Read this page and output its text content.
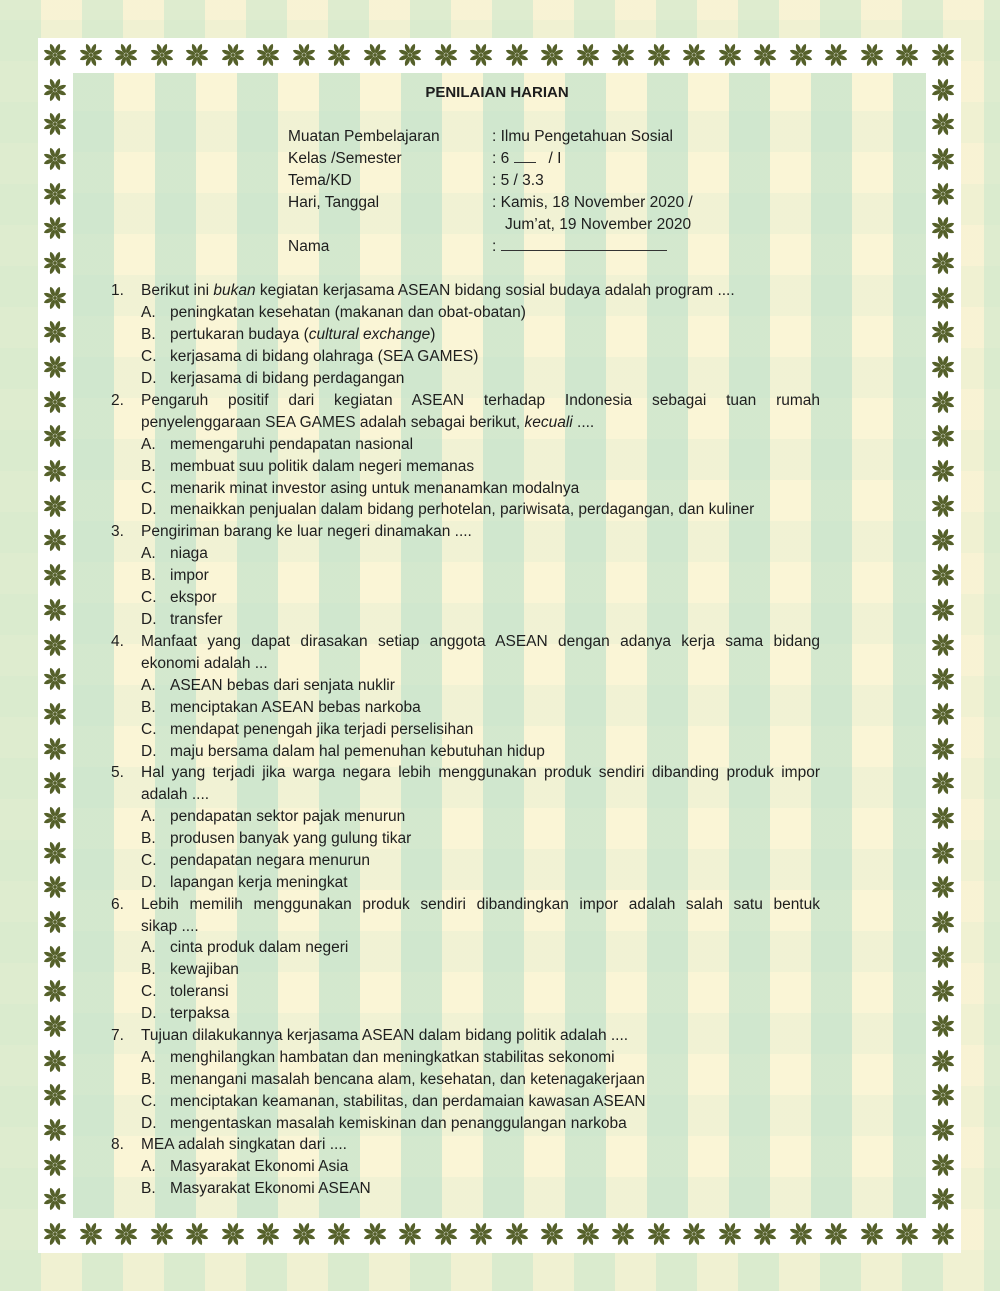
PENILAIAN HARIAN
Muatan Pembelajaran	: Ilmu Pengetahuan Sosial
Kelas /Semester	: 6	/ I
Tema/KD	: 5 / 3.3
Hari, Tanggal	: Kamis, 18 November 2020 /
Jum’at, 19 November 2020
Nama	:
1. Berikut ini bukan kegiatan kerjasama ASEAN bidang sosial budaya adalah program ....
A. peningkatan kesehatan (makanan dan obat-obatan)
B. pertukaran budaya (cultural exchange)
C. kerjasama di bidang olahraga (SEA GAMES)
D. kerjasama di bidang perdagangan
2. Pengaruh positif dari kegiatan ASEAN terhadap Indonesia sebagai tuan rumah
penyelenggaraan SEA GAMES adalah sebagai berikut, kecuali ....
A. memengaruhi pendapatan nasional
B. membuat suu politik dalam negeri memanas
C. menarik minat investor asing untuk menanamkan modalnya
D. menaikkan penjualan dalam bidang perhotelan, pariwisata, perdagangan, dan kuliner
3. Pengiriman barang ke luar negeri dinamakan ....
A. niaga
B. impor
C. ekspor
D. transfer
4. Manfaat yang dapat dirasakan setiap anggota ASEAN dengan adanya kerja sama bidang
ekonomi adalah ...
A. ASEAN bebas dari senjata nuklir
B. menciptakan ASEAN bebas narkoba
C. mendapat penengah jika terjadi perselisihan
D. maju bersama dalam hal pemenuhan kebutuhan hidup
5. Hal yang terjadi jika warga negara lebih menggunakan produk sendiri dibanding produk impor
adalah ....
A. pendapatan sektor pajak menurun
B. produsen banyak yang gulung tikar
C. pendapatan negara menurun
D. lapangan kerja meningkat
6. Lebih memilih menggunakan produk sendiri dibandingkan impor adalah salah satu bentuk
sikap ....
A. cinta produk dalam negeri
B. kewajiban
C. toleransi
D. terpaksa
7. Tujuan dilakukannya kerjasama ASEAN dalam bidang politik adalah ....
A. menghilangkan hambatan dan meningkatkan stabilitas sekonomi
B. menangani masalah bencana alam, kesehatan, dan ketenagakerjaan
C. menciptakan keamanan, stabilitas, dan perdamaian kawasan ASEAN
D. mengentaskan masalah kemiskinan dan penanggulangan narkoba
8. MEA adalah singkatan dari ....
A. Masyarakat Ekonomi Asia
B. Masyarakat Ekonomi ASEAN
